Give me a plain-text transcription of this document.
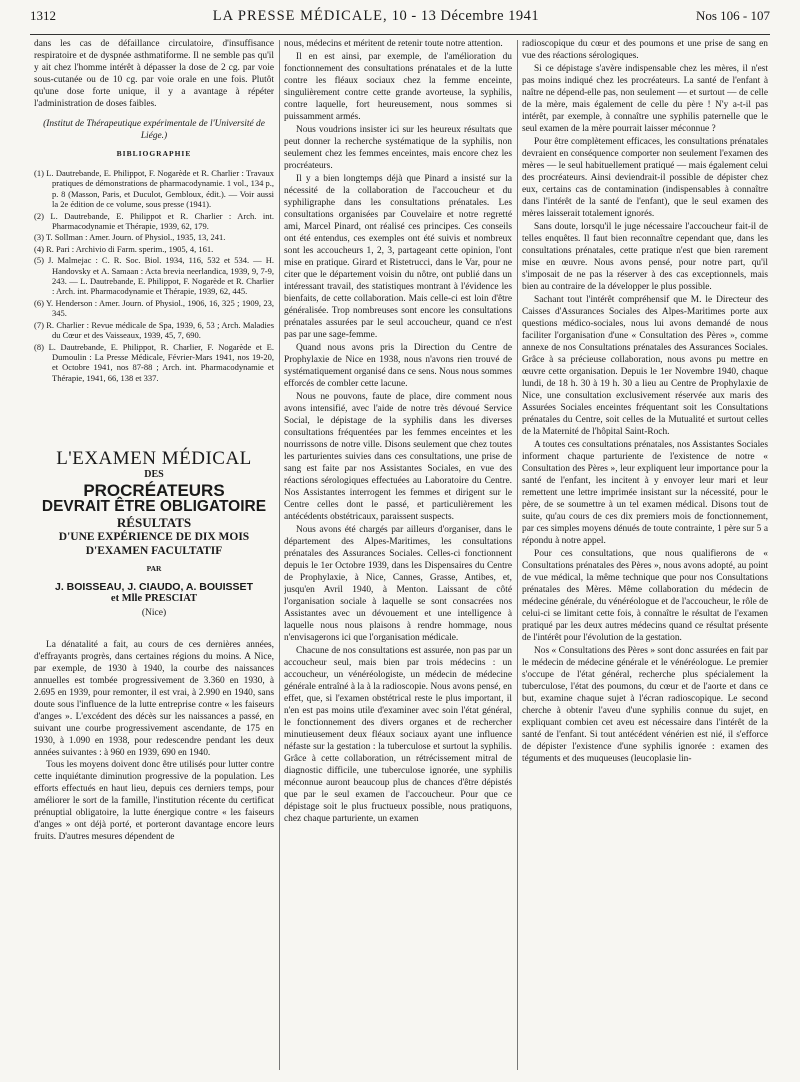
1312	LA PRESSE MÉDICALE, 10 - 13 Décembre 1941	Nos 106 - 107

dans les cas de défaillance circulatoire, d'insuffisance respiratoire et de dyspnée asthmatiforme. Il ne semble pas qu'il y ait chez l'homme intérêt à dépasser la dose de 2 cg. par voie sous-cutanée ou de 10 cg. par voie orale en une fois. Plutôt qu'une dose forte unique, il y a avantage à répéter l'administration de doses faibles.

(Institut de Thérapeutique expérimentale de l'Université de Liége.)

BIBLIOGRAPHIE
(1) L. Dautrebande, E. Philippot, F. Nogarède et R. Charlier : Travaux pratiques de démonstrations de pharmacodynamie. 1 vol., 134 p., p. 8 (Masson, Paris, et Duculot, Gembloux, édit.). — Voir aussi la 2e édition de ce volume, sous presse (1941).
(2) L. Dautrebande, E. Philippot et R. Charlier : Arch. int. Pharmacodynamie et Thérapie, 1939, 62, 179.
(3) T. Sollman : Amer. Journ. of Physiol., 1935, 13, 241.
(4) R. Pari : Archivio di Farm. sperim., 1905, 4, 161.
(5) J. Malmejac : C. R. Soc. Biol. 1934, 116, 532 et 534. — H. Handovsky et A. Samaan : Acta brevia neerlandica, 1939, 9, 7-9, 243. — L. Dautrebande, E. Philippot, F. Nogarède et R. Charlier : Arch. int. Pharmacodynamie et Thérapie, 1939, 62, 445.
(6) Y. Henderson : Amer. Journ. of Physiol., 1906, 16, 325 ; 1909, 23, 345.
(7) R. Charlier : Revue médicale de Spa, 1939, 6, 53 ; Arch. Maladies du Cœur et des Vaisseaux, 1939, 45, 7, 690.
(8) L. Dautrebande, E. Philippot, R. Charlier, F. Nogarède et E. Dumoulin : La Presse Médicale, Février-Mars 1941, nos 19-20, et Octobre 1941, nos 87-88 ; Arch. int. Pharmacodynamie et Thérapie, 1941, 66, 138 et 337.
L'EXAMEN MÉDICAL
DES
PROCRÉATEURS
DEVRAIT ÊTRE OBLIGATOIRE
RÉSULTATS
D'UNE EXPÉRIENCE DE DIX MOIS
D'EXAMEN FACULTATIF
PAR
J. BOISSEAU, J. CIAUDO, A. BOUISSET
et Mlle PRESCIAT
(Nice)

La dénatalité a fait, au cours de ces dernières années, d'effrayants progrès, dans certaines régions du moins. A Nice, par exemple, de 1930 à 1940, la courbe des naissances annuelles est tombée progressivement de 3.360 en 1930, à 2.695 en 1939, pour remonter, il est vrai, à 2.990 en 1940, sans doute sous l'influence de la lutte entreprise contre « les faiseurs d'anges ». L'excédent des décès sur les naissances a passé, en suivant une courbe progressivement ascendante, de 175 en 1930, à 1.090 en 1938, pour redescendre pendant les deux années suivantes : à 960 en 1939, 690 en 1940.

Tous les moyens doivent donc être utilisés pour lutter contre cette inquiétante diminution progressive de la population. Les efforts effectués en haut lieu, depuis ces derniers temps, pour améliorer le sort de la famille, l'institution récente du certificat prénuptial obligatoire, la lutte énergique contre « les faiseurs d'anges » ont déjà porté, et porteront davantage encore leurs fruits. D'autres mesures dépendent de

nous, médecins et méritent de retenir toute notre attention.

Il en est ainsi, par exemple, de l'amélioration du fonctionnement des consultations prénatales et de la lutte contre les fléaux sociaux chez la femme enceinte, singulièrement contre cette grande avorteuse, la syphilis, contre laquelle, fort heureusement, nous sommes si puissamment armés.

Nous voudrions insister ici sur les heureux résultats que peut donner la recherche systématique de la syphilis, non seulement chez les femmes enceintes, mais encore chez les procréateurs.

Il y a bien longtemps déjà que Pinard a insisté sur la nécessité de la collaboration de l'accoucheur et du syphiligraphe dans les consultations prénatales. Les consultations organisées par Couvelaire et notre regretté ami, Marcel Pinard, ont réalisé ces principes. Ces conseils ont été entendus, ces exemples ont été suivis et nombreux sont les accoucheurs 1, 2, 3, partageant cette opinion, l'ont mise en pratique. Girard et Ristetrucci, dans le Var, pour ne citer que le département voisin du nôtre, ont publié dans un intéressant travail, des statistiques montrant à l'évidence les bienfaits, de cette collaboration. Mais celle-ci est loin d'être généralisée. Trop nombreuses sont encore les consultations prénatales assurées par le seul accoucheur, quand ce n'est pas par une sage-femme.

Quand nous avons pris la Direction du Centre de Prophylaxie de Nice en 1938, nous n'avons rien trouvé de systématiquement organisé dans ce sens. Nous nous sommes efforcés de combler cette lacune.

Nous ne pouvons, faute de place, dire comment nous avons intensifié, avec l'aide de notre très dévoué Service Social, le dépistage de la syphilis dans les diverses consultations fréquentées par les femmes enceintes et les nourrissons de notre ville. Disons seulement que chez toutes les parturientes suivies dans ces consultations, une prise de sang est faite par nos Assistantes Sociales, en vue des réactions sérologiques effectuées au Laboratoire du Centre. Nos Assistantes interrogent les femmes et dirigent sur le Centre celles dont le passé, et particulièrement les antécédents obstétricaux, paraissent suspects.

Nous avons été chargés par ailleurs d'organiser, dans le département des Alpes-Maritimes, les consultations prénatales des Assurances Sociales. Celles-ci fonctionnent depuis le 1er Octobre 1939, dans les Dispensaires du Centre de Prophylaxie, à Nice, Cannes, Grasse, Antibes, et, jusqu'en Avril 1940, à Menton. Laissant de côté l'organisation sociale à laquelle se sont consacrées nos Assistantes avec un dévouement et une intelligence à laquelle nous nous plaisons à rendre hommage, nous n'envisagerons ici que l'organisation médicale.

Chacune de nos consultations est assurée, non pas par un accoucheur seul, mais bien par trois médecins : un accoucheur, un vénéréologiste, un médecin de médecine générale entraîné à la à la radioscopie. Nous avons pensé, en effet, que, si l'examen obstétrical reste le plus important, il n'en est pas moins utile d'examiner avec soin l'état général, le fonctionnement des divers organes et de rechercher minutieusement deux fléaux sociaux ayant une influence néfaste sur la gestation : la tuberculose et surtout la syphilis. Grâce à cette collaboration, un rétrécissement mitral de diagnostic difficile, une tuberculose ignorée, une syphilis méconnue auront beaucoup plus de chances d'être dépistés que par le seul examen de l'accoucheur. Pour que ce dépistage soit le plus fructueux possible, nous pratiquons, chez chaque parturiente, un examen

radioscopique du cœur et des poumons et une prise de sang en vue des réactions sérologiques.

Si ce dépistage s'avère indispensable chez les mères, il n'est pas moins indiqué chez les procréateurs. La santé de l'enfant à naître ne dépend-elle pas, non seulement — et surtout — de celle de la mère, mais également de celle du père ! N'y a-t-il pas intérêt, par exemple, à connaître une syphilis paternelle que le seul examen de la mère pourrait laisser méconnue ?

Pour être complètement efficaces, les consultations prénatales devraient en conséquence comporter non seulement l'examen des mères — le seul habituellement pratiqué — mais également celui des procréateurs. Ainsi deviendrait-il possible de dépister chez eux, certains cas de contamination (indispensables à connaître dans l'intérêt de la santé de l'enfant), que le seul examen des mères laisserait totalement ignorés.

Sans doute, lorsqu'il le juge nécessaire l'accoucheur fait-il de telles enquêtes. Il faut bien reconnaître cependant que, dans les consultations prénatales, cette pratique n'est que bien rarement mise en œuvre. Nous avons pensé, pour notre part, qu'il s'imposait de ne pas la réserver à des cas exceptionnels, mais bien au contraire de la développer le plus possible.

Sachant tout l'intérêt compréhensif que M. le Directeur des Caisses d'Assurances Sociales des Alpes-Maritimes porte aux questions médico-sociales, nous lui avons demandé de nous faciliter l'organisation d'une « Consultation des Pères », comme annexe de nos Consultations prénatales des Assurances Sociales. Grâce à sa précieuse collaboration, nous avons pu mettre en œuvre cette organisation. Depuis le 1er Novembre 1940, chaque lundi, de 18 h. 30 à 19 h. 30 a lieu au Centre de Prophylaxie de Nice, une consultation exclusivement réservée aux maris des Assurées Sociales enceintes fréquentant soit les Consultations prénatales du Centre, soit celles de la Mutualité et surtout celles de la Maternité de l'hôpital Saint-Roch.

A toutes ces consultations prénatales, nos Assistantes Sociales informent chaque parturiente de l'existence de notre « Consultation des Pères », leur expliquent leur importance pour la santé de l'enfant, les incitent à y envoyer leur mari et leur remettent une lettre imprimée insistant sur la nécessité, pour le père, de se soumettre à un tel examen médical. Disons tout de suite, qu'au cours de ces dix premiers mois de fonctionnement, par ces simples moyens dénués de toute contrainte, 1 père sur 5 a répondu à notre appel.

Pour ces consultations, que nous qualifierons de « Consultations prénatales des Pères », nous avons adopté, au point de vue médical, la même technique que pour nos Consultations prénatales des Mères. Même collaboration du médecin de médecine générale, du vénéréologue et de l'accoucheur, le rôle de celui-ci se limitant cette fois, à connaître le résultat de l'examen pratiqué par les deux autres médecins quand ce résultat présente de l'intérêt pour l'évolution de la gestation.

Nos « Consultations des Pères » sont donc assurées en fait par le médecin de médecine générale et le vénéréologue. Le premier s'occupe de l'état général, recherche plus spécialement la tuberculose, l'état des poumons, du cœur et de l'aorte et dans ce but, examine chaque sujet à l'écran radioscopique. Le second cherche à obtenir l'aveu d'une syphilis connue du sujet, en expliquant combien cet aveu est nécessaire dans l'intérêt de la santé de l'enfant. Si tout antécédent vénérien est nié, il s'efforce de dépister l'existence d'une syphilis ignorée : examen des téguments et des muqueuses (leucoplasie lin-
